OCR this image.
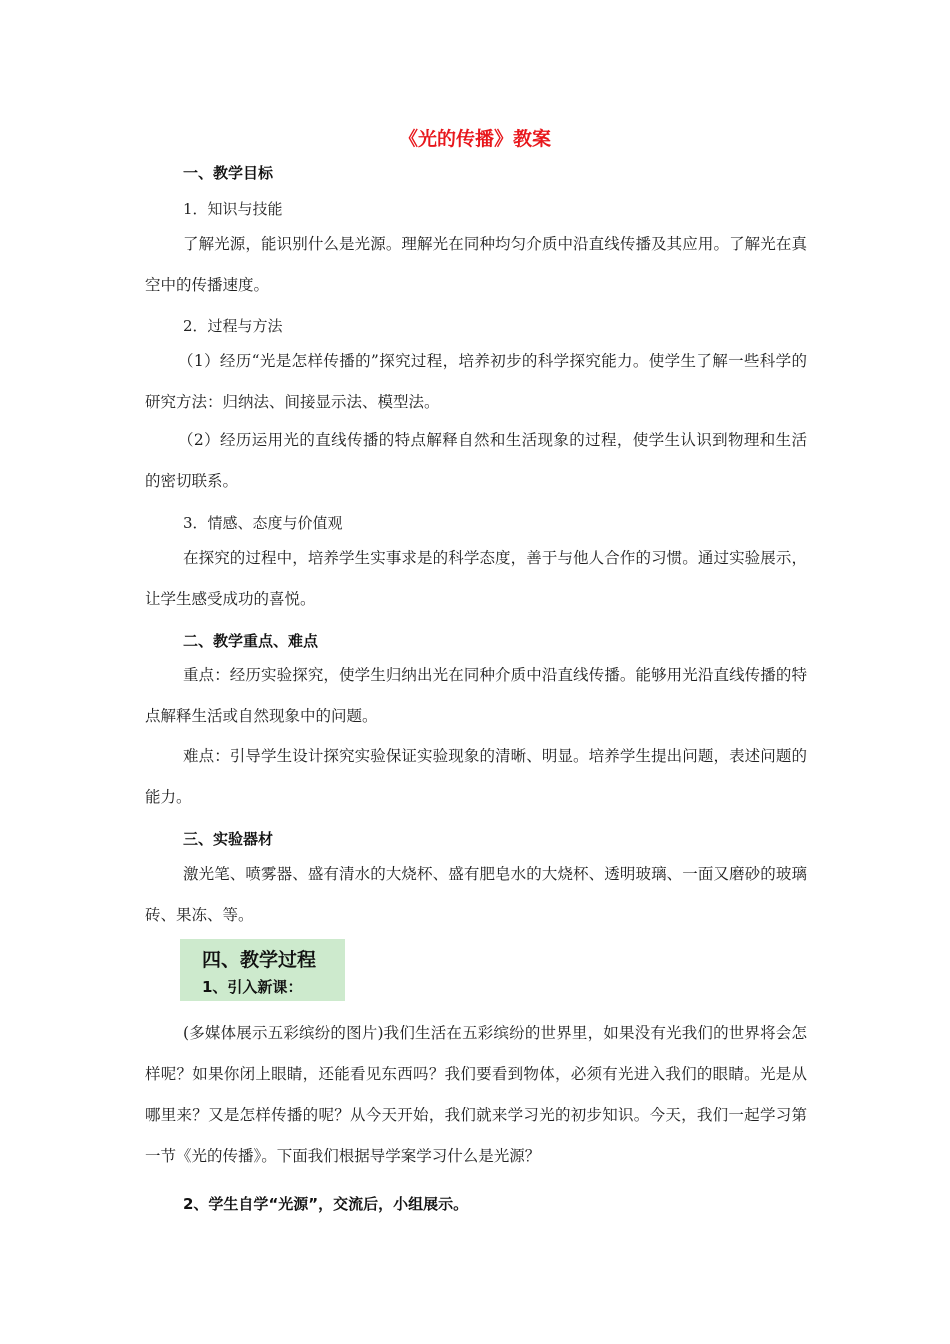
《光的传播》教案
一、教学目标
1．知识与技能
了解光源，能识别什么是光源。理解光在同种均匀介质中沿直线传播及其应用。了解光在真空中的传播速度。
2．过程与方法
（1）经历“光是怎样传播的”探究过程，培养初步的科学探究能力。使学生了解一些科学的研究方法：归纳法、间接显示法、模型法。
（2）经历运用光的直线传播的特点解释自然和生活现象的过程，使学生认识到物理和生活的密切联系。
3．情感、态度与价值观
在探究的过程中，培养学生实事求是的科学态度，善于与他人合作的习惯。通过实验展示，让学生感受成功的喜悦。
二、教学重点、难点
重点：经历实验探究，使学生归纳出光在同种介质中沿直线传播。能够用光沿直线传播的特点解释生活或自然现象中的问题。
难点：引导学生设计探究实验保证实验现象的清晰、明显。培养学生提出问题，表述问题的能力。
三、实验器材
激光笔、喷雾器、盛有清水的大烧杯、盛有肥皂水的大烧杯、透明玻璃、一面又磨砂的玻璃砖、果冻、等。
四、教学过程
1、引入新课：
(多媒体展示五彩缤纷的图片)我们生活在五彩缤纷的世界里，如果没有光我们的世界将会怎样呢？如果你闭上眼睛，还能看见东西吗？我们要看到物体，必须有光进入我们的眼睛。光是从哪里来？又是怎样传播的呢？从今天开始，我们就来学习光的初步知识。今天，我们一起学习第一节《光的传播》。下面我们根据导学案学习什么是光源？
2、学生自学“光源”，交流后，小组展示。
